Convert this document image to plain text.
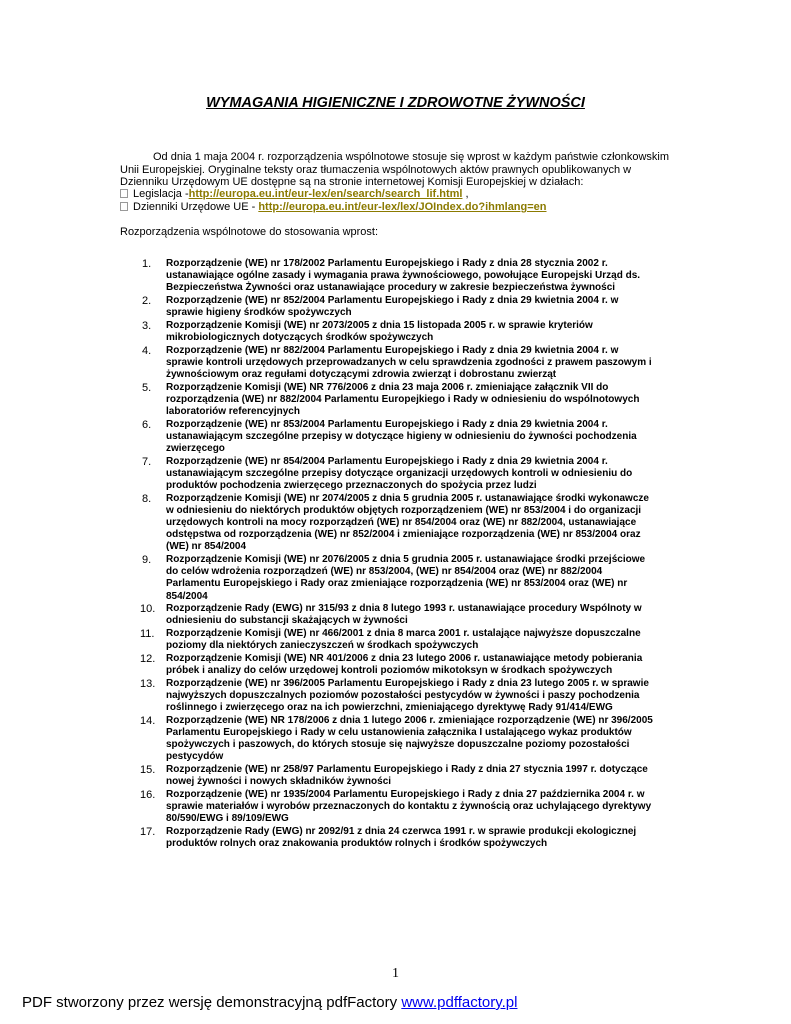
WYMAGANIA HIGIENICZNE I ZDROWOTNE ŻYWNOŚCI
Od dnia 1 maja 2004 r. rozporządzenia wspólnotowe stosuje się wprost w każdym państwie członkowskim
Unii Europejskiej. Oryginalne teksty oraz tłumaczenia wspólnotowych aktów prawnych opublikowanych w
Dzienniku Urzędowym UE dostępne są na stronie internetowej Komisji Europejskiej w działach:
Legislacja -http://europa.eu.int/eur-lex/en/search/search_lif.html ,
Dzienniki Urzędowe UE - http://europa.eu.int/eur-lex/lex/JOIndex.do?ihmlang=en

Rozporządzenia wspólnotowe do stosowania wprost:

1. Rozporządzenie (WE) nr 178/2002 Parlamentu Europejskiego i Rady z dnia 28 stycznia 2002 r.
ustanawiające ogólne zasady i wymagania prawa żywnościowego, powołujące Europejski Urząd ds.
Bezpieczeństwa Żywności oraz ustanawiające procedury w zakresie bezpieczeństwa żywności
2. Rozporządzenie (WE) nr 852/2004 Parlamentu Europejskiego i Rady z dnia 29 kwietnia 2004 r. w
sprawie higieny środków spożywczych
3. Rozporządzenie Komisji (WE) nr 2073/2005 z dnia 15 listopada 2005 r. w sprawie kryteriów
mikrobiologicznych dotyczących środków spożywczych
4. Rozporządzenie (WE) nr 882/2004 Parlamentu Europejskiego i Rady z dnia 29 kwietnia 2004 r. w
sprawie kontroli urzędowych przeprowadzanych w celu sprawdzenia zgodności z prawem paszowym i
żywnościowym oraz regułami dotyczącymi zdrowia zwierząt i dobrostanu zwierząt
5. Rozporządzenie Komisji (WE) NR 776/2006 z dnia 23 maja 2006 r. zmieniające załącznik VII do
rozporządzenia (WE) nr 882/2004 Parlamentu Europejkiego i Rady w odniesieniu do wspólnotowych
laboratoriów referencyjnych
6. Rozporządzenie (WE) nr 853/2004 Parlamentu Europejskiego i Rady z dnia 29 kwietnia 2004 r.
ustanawiającym szczególne przepisy w dotyczące higieny w odniesieniu do żywności pochodzenia
zwierzęcego
7. Rozporządzenie (WE) nr 854/2004 Parlamentu Europejskiego i Rady z dnia 29 kwietnia 2004 r.
ustanawiającym szczególne przepisy dotyczące organizacji urzędowych kontroli w odniesieniu do
produktów pochodzenia zwierzęcego przeznaczonych do spożycia przez ludzi
8. Rozporządzenie Komisji (WE) nr 2074/2005 z dnia 5 grudnia 2005 r. ustanawiające środki wykonawcze
w odniesieniu do niektórych produktów objętych rozporządzeniem (WE) nr 853/2004 i do organizacji
urzędowych kontroli na mocy rozporządzeń (WE) nr 854/2004 oraz (WE) nr 882/2004, ustanawiające
odstępstwa od rozporządzenia (WE) nr 852/2004 i zmieniające rozporządzenia (WE) nr 853/2004 oraz
(WE) nr 854/2004
9. Rozporządzenie Komisji (WE) nr 2076/2005 z dnia 5 grudnia 2005 r. ustanawiające środki przejściowe
do celów wdrożenia rozporządzeń (WE) nr 853/2004, (WE) nr 854/2004 oraz (WE) nr 882/2004
Parlamentu Europejskiego i Rady oraz zmieniające rozporządzenia (WE) nr 853/2004 oraz (WE) nr
854/2004
10. Rozporządzenie Rady (EWG) nr 315/93 z dnia 8 lutego 1993 r. ustanawiające procedury Wspólnoty w
odniesieniu do substancji skażających w żywności
11. Rozporządzenie Komisji (WE) nr 466/2001 z dnia 8 marca 2001 r. ustalające najwyższe dopuszczalne
poziomy dla niektórych zanieczyszczeń w środkach spożywczych
12. Rozporządzenie Komisji (WE) NR 401/2006 z dnia 23 lutego 2006 r. ustanawiające metody pobierania
próbek i analizy do celów urzędowej kontroli poziomów mikotoksyn w środkach spożywczych
13. Rozporządzenie (WE) nr 396/2005 Parlamentu Europejskiego i Rady z dnia 23 lutego 2005 r. w sprawie
najwyższych dopuszczalnych poziomów pozostałości pestycydów w żywności i paszy pochodzenia
roślinnego i zwierzęcego oraz na ich powierzchni, zmieniającego dyrektywę Rady 91/414/EWG
14. Rozporządzenie (WE) NR 178/2006 z dnia 1 lutego 2006 r. zmieniające rozporządzenie (WE) nr 396/2005
Parlamentu Europejskiego i Rady w celu ustanowienia załącznika I ustalającego wykaz produktów
spożywczych i paszowych, do których stosuje się najwyższe dopuszczalne poziomy pozostałości
pestycydów
15. Rozporządzenie (WE) nr 258/97 Parlamentu Europejskiego i Rady z dnia 27 stycznia 1997 r. dotyczące
nowej żywności i nowych składników żywności
16. Rozporządzenie (WE) nr 1935/2004 Parlamentu Europejskiego i Rady z dnia 27 października 2004 r. w
sprawie materiałów i wyrobów przeznaczonych do kontaktu z żywnością oraz uchylającego dyrektywy
80/590/EWG i 89/109/EWG
17. Rozporządzenie Rady (EWG) nr 2092/91 z dnia 24 czerwca 1991 r. w sprawie produkcji ekologicznej
produktów rolnych oraz znakowania produktów rolnych i środków spożywczych

1

PDF stworzony przez wersję demonstracyjną pdfFactory www.pdffactory.pl
